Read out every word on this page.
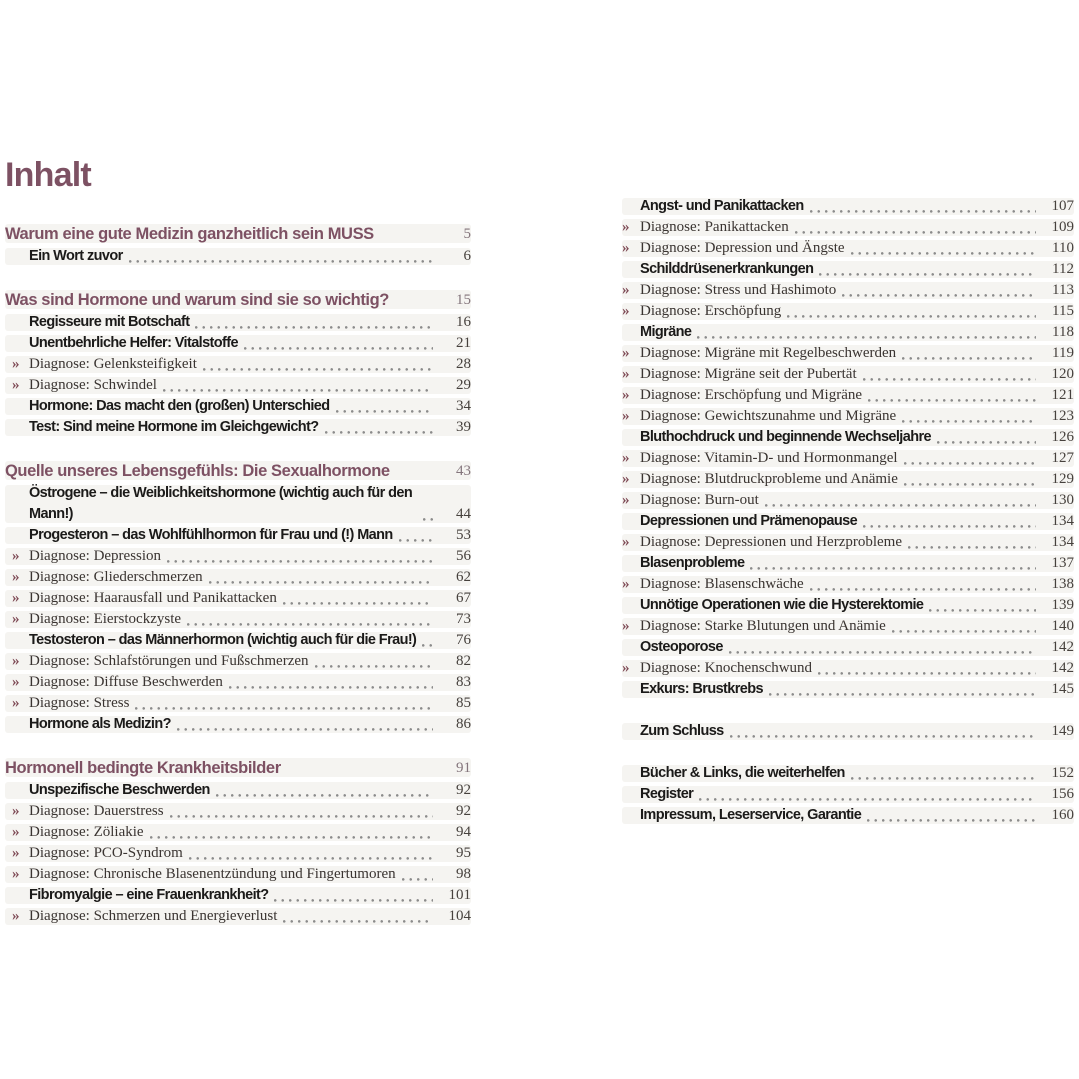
Inhalt
Warum eine gute Medizin ganzheitlich sein MUSS	5
Ein Wort zuvor	6
Was sind Hormone und warum sind sie so wichtig?	15
Regisseure mit Botschaft	16
Unentbehrliche Helfer: Vitalstoffe	21
» Diagnose: Gelenksteifigkeit	28
» Diagnose: Schwindel	29
Hormone: Das macht den (großen) Unterschied	34
Test: Sind meine Hormone im Gleichgewicht?	39
Quelle unseres Lebensgefühls: Die Sexualhormone	43
Östrogene – die Weiblichkeitshormone (wichtig auch für den Mann!)	44
Progesteron – das Wohlfühlhormon für Frau und (!) Mann	53
» Diagnose: Depression	56
» Diagnose: Gliederschmerzen	62
» Diagnose: Haarausfall und Panikattacken	67
» Diagnose: Eierstockzyste	73
Testosteron – das Männerhormon (wichtig auch für die Frau!)	76
» Diagnose: Schlafstörungen und Fußschmerzen	82
» Diagnose: Diffuse Beschwerden	83
» Diagnose: Stress	85
Hormone als Medizin?	86
Hormonell bedingte Krankheitsbilder	91
Unspezifische Beschwerden	92
» Diagnose: Dauerstress	92
» Diagnose: Zöliakie	94
» Diagnose: PCO-Syndrom	95
» Diagnose: Chronische Blasenentzündung und Fingertumoren	98
Fibromyalgie – eine Frauenkrankheit?	101
» Diagnose: Schmerzen und Energieverlust	104
Angst- und Panikattacken	107
» Diagnose: Panikattacken	109
» Diagnose: Depression und Ängste	110
Schilddrüsenerkrankungen	112
» Diagnose: Stress und Hashimoto	113
» Diagnose: Erschöpfung	115
Migräne	118
» Diagnose: Migräne mit Regelbeschwerden	119
» Diagnose: Migräne seit der Pubertät	120
» Diagnose: Erschöpfung und Migräne	121
» Diagnose: Gewichtszunahme und Migräne	123
Bluthochdruck und beginnende Wechseljahre	126
» Diagnose: Vitamin-D- und Hormonmangel	127
» Diagnose: Blutdruckprobleme und Anämie	129
» Diagnose: Burn-out	130
Depressionen und Prämenopause	134
» Diagnose: Depressionen und Herzprobleme	134
Blasenprobleme	137
» Diagnose: Blasenschwäche	138
Unnötige Operationen wie die Hysterektomie	139
» Diagnose: Starke Blutungen und Anämie	140
Osteoporose	142
» Diagnose: Knochenschwund	142
Exkurs: Brustkrebs	145
Zum Schluss	149
Bücher & Links, die weiterhelfen	152
Register	156
Impressum, Leserservice, Garantie	160
